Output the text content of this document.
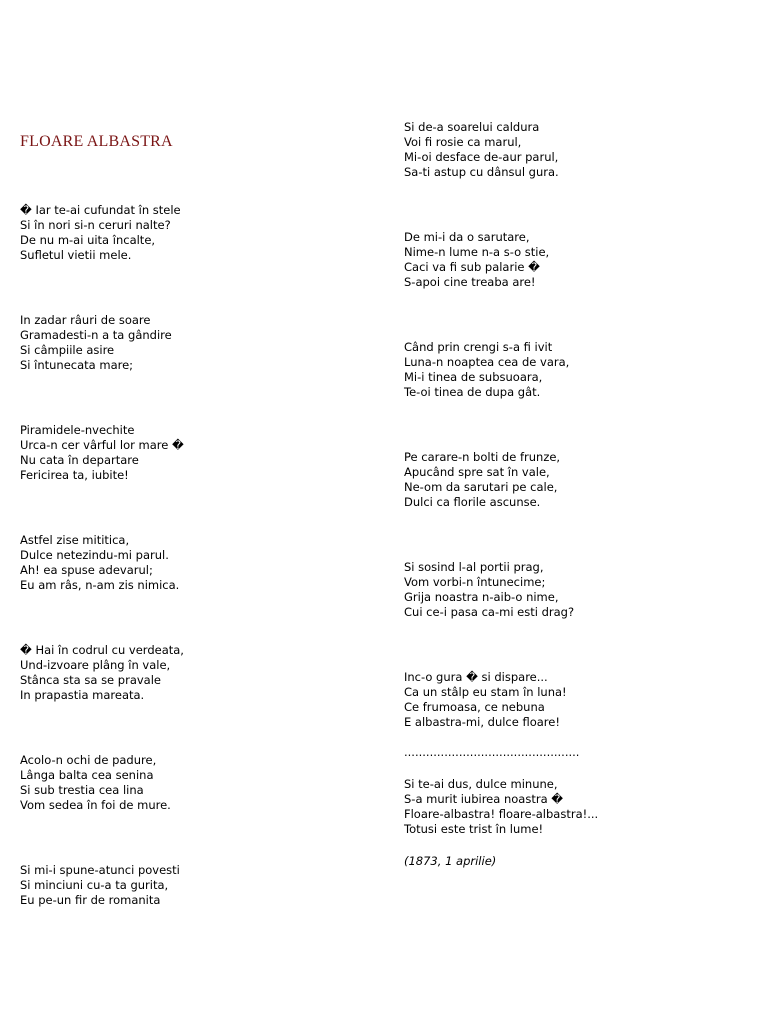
FLOARE ALBASTRA
� Iar te-ai cufundat în stele
Si în nori si-n ceruri nalte?
De nu m-ai uita încalte,
Sufletul vietii mele.
In zadar râuri de soare
Gramadesti-n a ta gândire
Si câmpiile asire
Si întunecata mare;
Piramidele-nvechite
Urca-n cer vârful lor mare �
Nu cata în departare
Fericirea ta, iubite!
Astfel zise mititica,
Dulce netezindu-mi parul.
Ah! ea spuse adevarul;
Eu am râs, n-am zis nimica.
� Hai în codrul cu verdeata,
Und-izvoare plâng în vale,
Stânca sta sa se pravale
In prapastia mareata.
Acolo-n ochi de padure,
Lânga balta cea senina
Si sub trestia cea lina
Vom sedea în foi de mure.
Si mi-i spune-atunci povesti
Si minciuni cu-a ta gurita,
Eu pe-un fir de romanita
Si de-a soarelui caldura
Voi fi rosie ca marul,
Mi-oi desface de-aur parul,
Sa-ti astup cu dânsul gura.
De mi-i da o sarutare,
Nime-n lume n-a s-o stie,
Caci va fi sub palarie �
S-apoi cine treaba are!
Când prin crengi s-a fi ivit
Luna-n noaptea cea de vara,
Mi-i tinea de subsuoara,
Te-oi tinea de dupa gât.
Pe carare-n bolti de frunze,
Apucând spre sat în vale,
Ne-om da sarutari pe cale,
Dulci ca florile ascunse.
Si sosind l-al portii prag,
Vom vorbi-n întunecime;
Grija noastra n-aib-o nime,
Cui ce-i pasa ca-mi esti drag?
Inc-o gura � si dispare...
Ca un stâlp eu stam în luna!
Ce frumoasa, ce nebuna
E albastra-mi, dulce floare!
................................................
Si te-ai dus, dulce minune,
S-a murit iubirea noastra �
Floare-albastra! floare-albastra!...
Totusi este trist în lume!
(1873, 1 aprilie)
